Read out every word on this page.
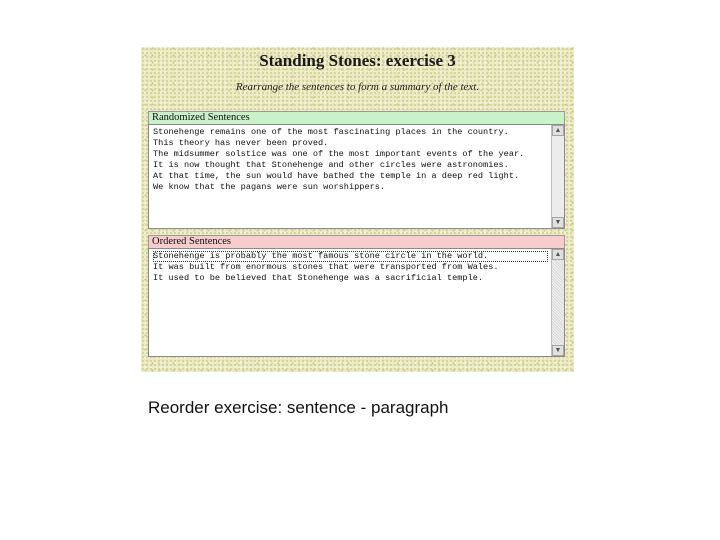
Standing Stones: exercise 3
Rearrange the sentences to form a summary of the text.
Randomized Sentences
Stonehenge remains one of the most fascinating places in the country.
This theory has never been proved.
The midsummer solstice was one of the most important events of the year.
It is now thought that Stonehenge and other circles were astronomies.
At that time, the sun would have bathed the temple in a deep red light.
We know that the pagans were sun worshippers.
▲
▼
Ordered Sentences
Stonehenge is probably the most famous stone circle in the world.
It was built from enormous stones that were transported from Wales.
It used to be believed that Stonehenge was a sacrificial temple.
▲
▼
Reorder exercise: sentence - paragraph
